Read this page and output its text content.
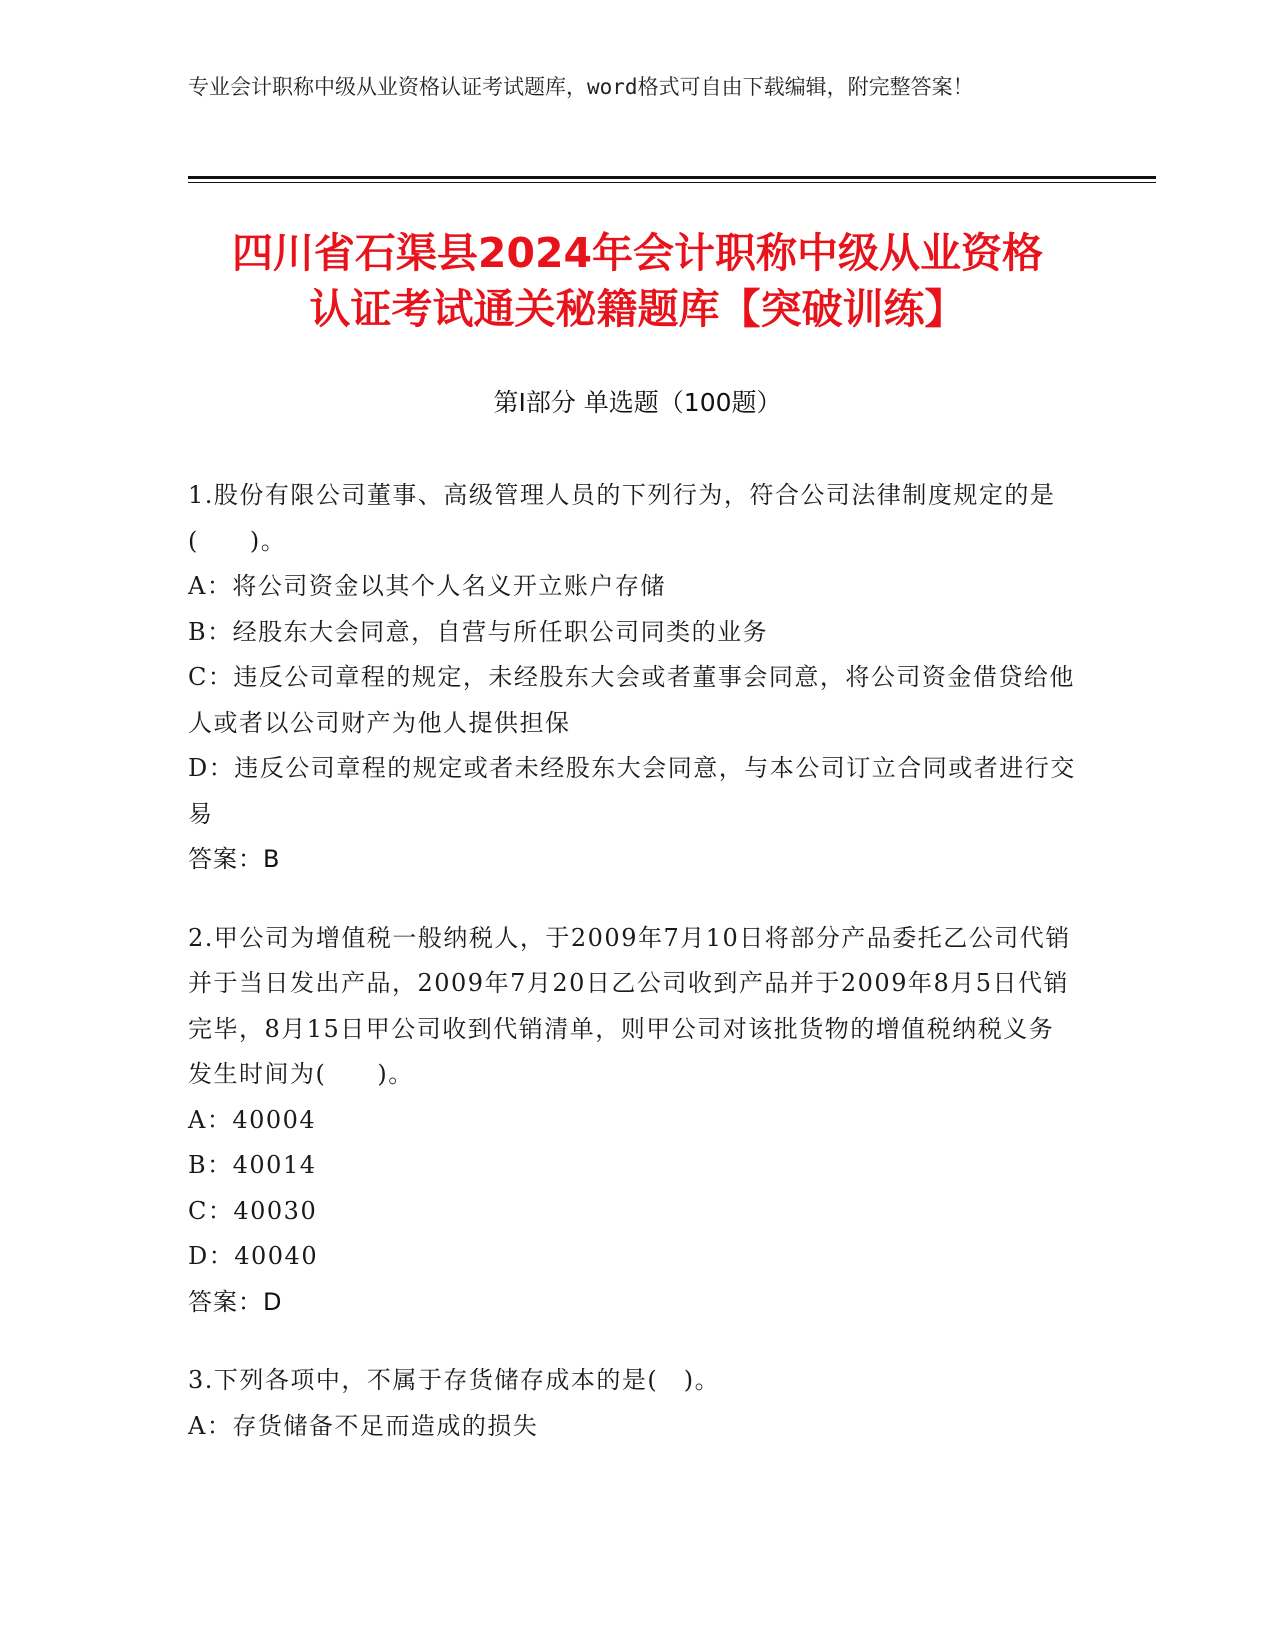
专业会计职称中级从业资格认证考试题库，word格式可自由下载编辑，附完整答案！
四川省石渠县2024年会计职称中级从业资格
认证考试通关秘籍题库【突破训练】
第Ⅰ部分 单选题（100题）

1.股份有限公司董事、高级管理人员的下列行为，符合公司法律制度规定的是(　　)。

A：将公司资金以其个人名义开立账户存储

B：经股东大会同意，自营与所任职公司同类的业务

C：违反公司章程的规定，未经股东大会或者董事会同意，将公司资金借贷给他人或者以公司财产为他人提供担保

D：违反公司章程的规定或者未经股东大会同意，与本公司订立合同或者进行交易

答案：B

2.甲公司为增值税一般纳税人，于2009年7月10日将部分产品委托乙公司代销并于当日发出产品，2009年7月20日乙公司收到产品并于2009年8月5日代销完毕，8月15日甲公司收到代销清单，则甲公司对该批货物的增值税纳税义务发生时间为(　　)。

A：40004

B：40014

C：40030

D：40040

答案：D

3.下列各项中，不属于存货储存成本的是(　)。

A：存货储备不足而造成的损失
